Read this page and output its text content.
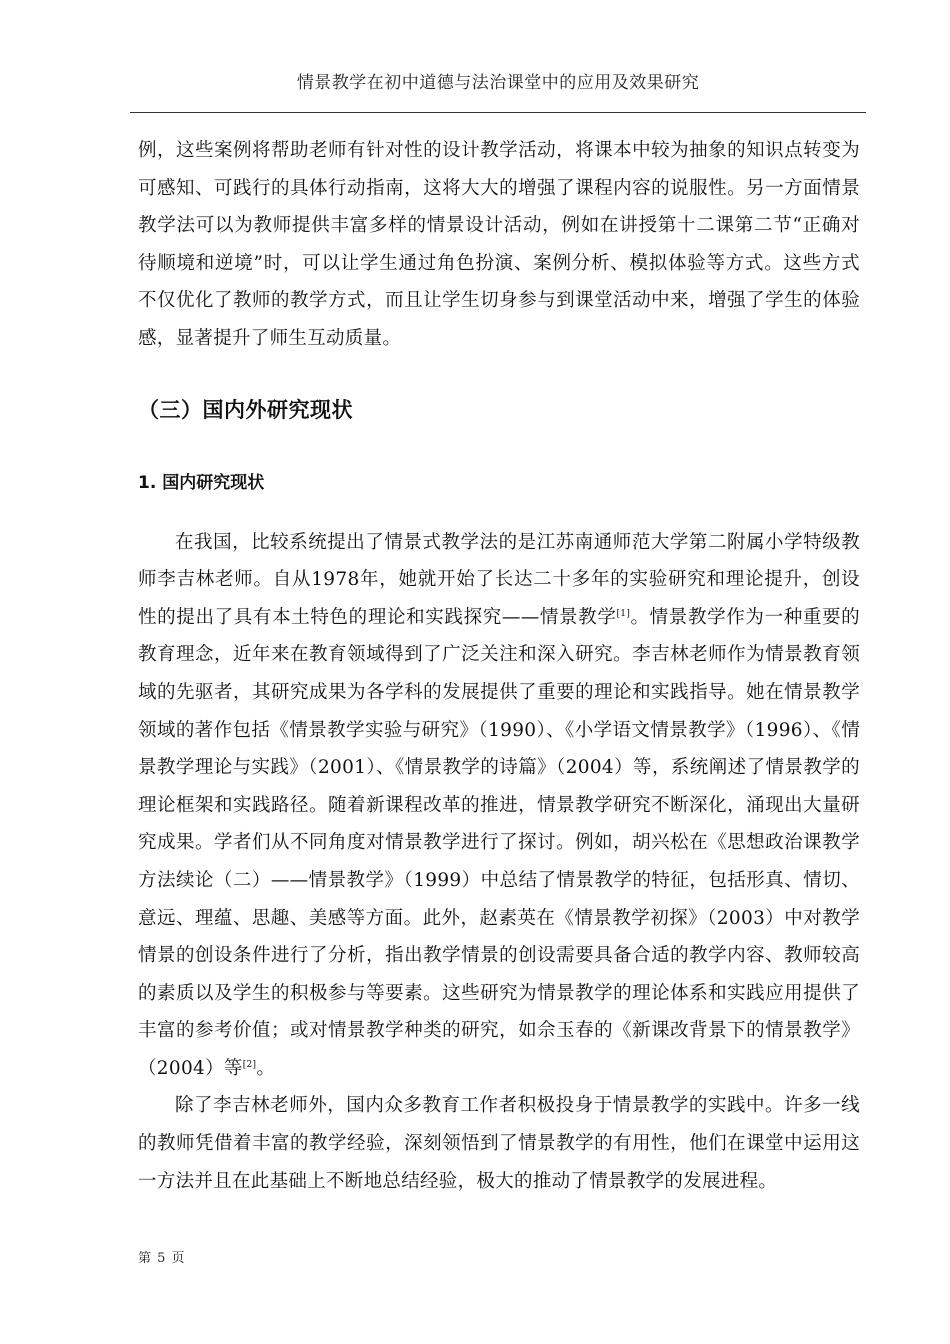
情景教学在初中道德与法治课堂中的应用及效果研究

例，这些案例将帮助老师有针对性的设计教学活动，将课本中较为抽象的知识点转变为可感知、可践行的具体行动指南，这将大大的增强了课程内容的说服性。另一方面情景教学法可以为教师提供丰富多样的情景设计活动，例如在讲授第十二课第二节“正确对待顺境和逆境”时，可以让学生通过角色扮演、案例分析、模拟体验等方式。这些方式不仅优化了教师的教学方式，而且让学生切身参与到课堂活动中来，增强了学生的体验感，显著提升了师生互动质量。

（三）国内外研究现状
1. 国内研究现状

在我国，比较系统提出了情景式教学法的是江苏南通师范大学第二附属小学特级教师李吉林老师。自从1978年，她就开始了长达二十多年的实验研究和理论提升，创设性的提出了具有本土特色的理论和实践探究——情景教学[1]。情景教学作为一种重要的教育理念，近年来在教育领域得到了广泛关注和深入研究。李吉林老师作为情景教育领域的先驱者，其研究成果为各学科的发展提供了重要的理论和实践指导。她在情景教学领域的著作包括《情景教学实验与研究》（1990）、《小学语文情景教学》（1996）、《情景教学理论与实践》（2001）、《情景教学的诗篇》（2004）等，系统阐述了情景教学的理论框架和实践路径。随着新课程改革的推进，情景教学研究不断深化，涌现出大量研究成果。学者们从不同角度对情景教学进行了探讨。例如，胡兴松在《思想政治课教学方法续论（二）——情景教学》（1999）中总结了情景教学的特征，包括形真、情切、意远、理蕴、思趣、美感等方面。此外，赵素英在《情景教学初探》（2003）中对教学情景的创设条件进行了分析，指出教学情景的创设需要具备合适的教学内容、教师较高的素质以及学生的积极参与等要素。这些研究为情景教学的理论体系和实践应用提供了丰富的参考价值；或对情景教学种类的研究，如佘玉春的《新课改背景下的情景教学》（2004）等[2]。

除了李吉林老师外，国内众多教育工作者积极投身于情景教学的实践中。许多一线的教师凭借着丰富的教学经验，深刻领悟到了情景教学的有用性，他们在课堂中运用这一方法并且在此基础上不断地总结经验，极大的推动了情景教学的发展进程。

第 5 页
